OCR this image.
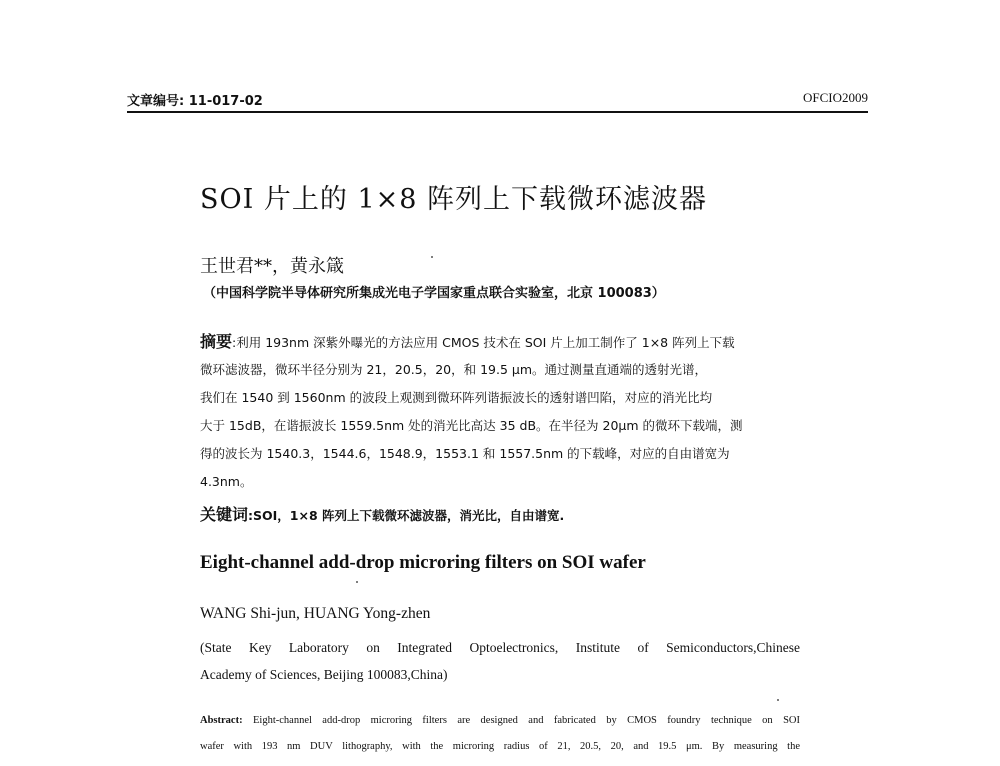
文章编号: 11-017-02	OFCIO2009
SOI 片上的 1×8 阵列上下载微环滤波器
王世君**，黄永箴
（中国科学院半导体研究所集成光电子学国家重点联合实验室，北京 100083）
摘要:利用 193nm 深紫外曝光的方法应用 CMOS 技术在 SOI 片上加工制作了 1×8 阵列上下载
微环滤波器，微环半径分别为 21，20.5，20，和 19.5 μm。通过测量直通端的透射光谱，
我们在 1540 到 1560nm 的波段上观测到微环阵列谐振波长的透射谱凹陷，对应的消光比均
大于 15dB，在谐振波长 1559.5nm 处的消光比高达 35 dB。在半径为 20μm 的微环下载端，测
得的波长为 1540.3，1544.6，1548.9，1553.1 和 1557.5nm 的下载峰，对应的自由谱宽为
4.3nm。
关键词:SOI，1×8 阵列上下载微环滤波器，消光比，自由谱宽.
Eight-channel add-drop microring filters on SOI wafer
WANG Shi-jun, HUANG Yong-zhen
(State Key Laboratory on Integrated Optoelectronics, Institute of Semiconductors,Chinese
Academy of Sciences, Beijing 100083,China)
Abstract: Eight-channel add-drop microring filters are designed and fabricated by CMOS foundry technique on SOI
wafer with 193 nm DUV lithography, with the microring radius of 21, 20.5, 20, and 19.5 μm. By measuring the
